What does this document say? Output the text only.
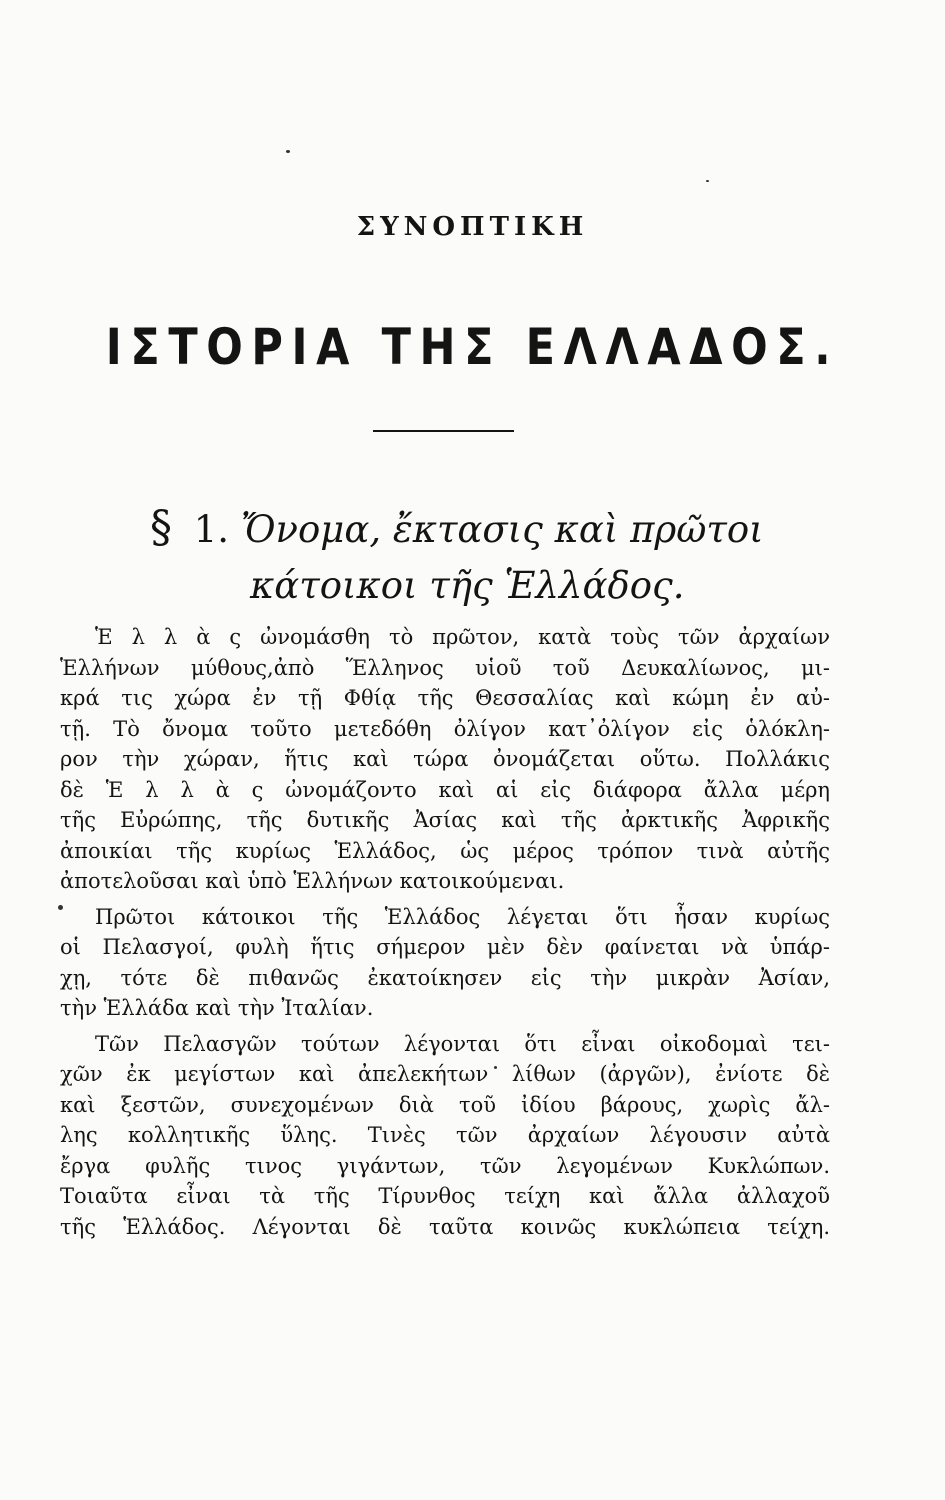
ΣΥΝΟΠΤΙΚΗ
ΙΣΤΟΡΙΑ ΤΗΣ ΕΛΛΑΔΟΣ.
§ 1. Ὄνομα, ἔκτασις καὶ πρῶτοι
κάτοικοι τῆς Ἑλλάδος.
Ἑ λ λ ὰ ς ὠνομάσθη τὸ πρῶτον, κατὰ τοὺς τῶν ἀρχαίων
Ἑλλήνων μύθους,ἀπὸ Ἕλληνος υἱοῦ τοῦ Δευκαλίωνος, μι-
κρά τις χώρα ἐν τῇ Φθίᾳ τῆς Θεσσαλίας καὶ κώμη ἐν αὐ-
τῇ. Τὸ ὄνομα τοῦτο μετεδόθη ὀλίγον κατ᾽ὀλίγον εἰς ὁλόκλη-
ρον τὴν χώραν, ἥτις καὶ τώρα ὀνομάζεται οὕτω. Πολλάκις
δὲ Ἑ λ λ ὰ ς ὠνομάζοντο καὶ αἱ εἰς διάφορα ἄλλα μέρη
τῆς Εὐρώπης, τῆς δυτικῆς Ἀσίας καὶ τῆς ἀρκτικῆς Ἀφρικῆς
ἀποικίαι τῆς κυρίως Ἑλλάδος, ὡς μέρος τρόπον τινὰ αὐτῆς
ἀποτελοῦσαι καὶ ὑπὸ Ἑλλήνων κατοικούμεναι.
Πρῶτοι κάτοικοι τῆς Ἑλλάδος λέγεται ὅτι ἦσαν κυρίως
οἱ Πελασγοί, φυλὴ ἥτις σήμερον μὲν δὲν φαίνεται νὰ ὑπάρ-
χῃ, τότε δὲ πιθανῶς ἐκατοίκησεν εἰς τὴν μικρὰν Ἀσίαν,
τὴν Ἑλλάδα καὶ τὴν Ἰταλίαν.
Τῶν Πελασγῶν τούτων λέγονται ὅτι εἶναι οἰκοδομαὶ τει-
χῶν ἐκ μεγίστων καὶ ἀπελεκήτων λίθων (ἀργῶν), ἐνίοτε δὲ
καὶ ξεστῶν, συνεχομένων διὰ τοῦ ἰδίου βάρους, χωρὶς ἄλ-
λης κολλητικῆς ὕλης. Τινὲς τῶν ἀρχαίων λέγουσιν αὐτὰ
ἔργα φυλῆς τινος γιγάντων, τῶν λεγομένων Κυκλώπων.
Τοιαῦτα εἶναι τὰ τῆς Τίρυνθος τείχη καὶ ἄλλα ἀλλαχοῦ
τῆς Ἑλλάδος. Λέγονται δὲ ταῦτα κοινῶς κυκλώπεια τείχη.
